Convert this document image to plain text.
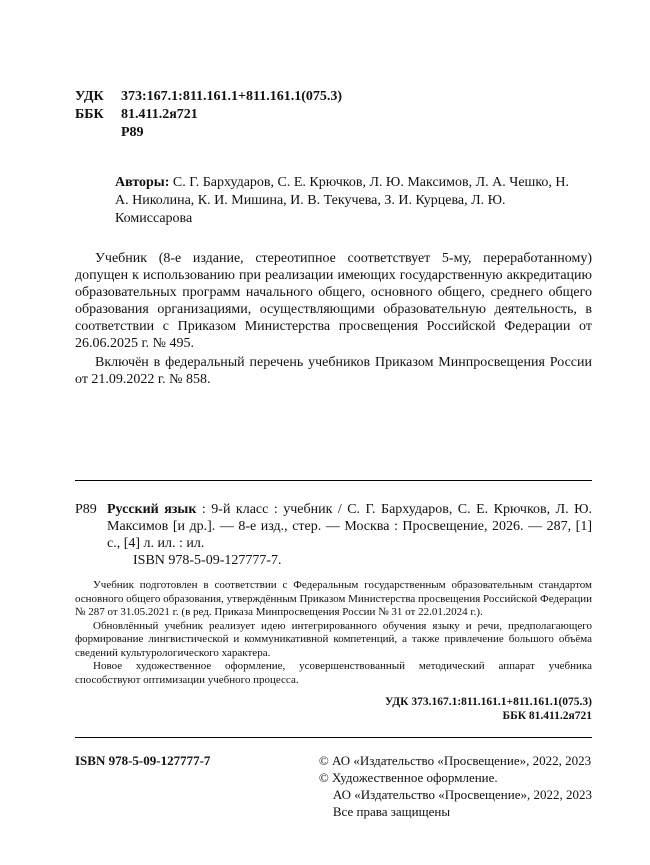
УДК 373:167.1:811.161.1+811.161.1(075.3)
ББК 81.411.2я721
Р89

Авторы: С. Г. Бархударов, С. Е. Крючков, Л. Ю. Максимов, Л. А. Чешко, Н. А. Николина, К. И. Мишина, И. В. Текучева, З. И. Курцева, Л. Ю. Комиссарова

Учебник (8-е издание, стереотипное соответствует 5-му, переработанному) допущен к использованию при реализации имеющих государственную аккредитацию образовательных программ начального общего, основного общего, среднего общего образования организациями, осуществляющими образовательную деятельность, в соответствии с Приказом Министерства просвещения Российской Федерации от 26.06.2025 г. № 495.

Включён в федеральный перечень учебников Приказом Минпросвещения России от 21.09.2022 г. № 858.

Р89 Русский язык : 9-й класс : учебник / С. Г. Бархударов, С. Е. Крючков, Л. Ю. Максимов [и др.]. — 8-е изд., стер. — Москва : Просвещение, 2026. — 287, [1] с., [4] л. ил. : ил.

ISBN 978-5-09-127777-7.

Учебник подготовлен в соответствии с Федеральным государственным образовательным стандартом основного общего образования, утверждённым Приказом Министерства просвещения Российской Федерации № 287 от 31.05.2021 г. (в ред. Приказа Минпросвещения России № 31 от 22.01.2024 г.).

Обновлённый учебник реализует идею интегрированного обучения языку и речи, предполагающего формирование лингвистической и коммуникативной компетенций, а также привлечение большого объёма сведений культурологического характера.

Новое художественное оформление, усовершенствованный методический аппарат учебника способствуют оптимизации учебного процесса.

УДК 373.167.1:811.161.1+811.161.1(075.3)
ББК 81.411.2я721
ISBN 978-5-09-127777-7	© АО «Издательство «Просвещение», 2022, 2023
© Художественное оформление.
АО «Издательство «Просвещение», 2022, 2023
Все права защищены
